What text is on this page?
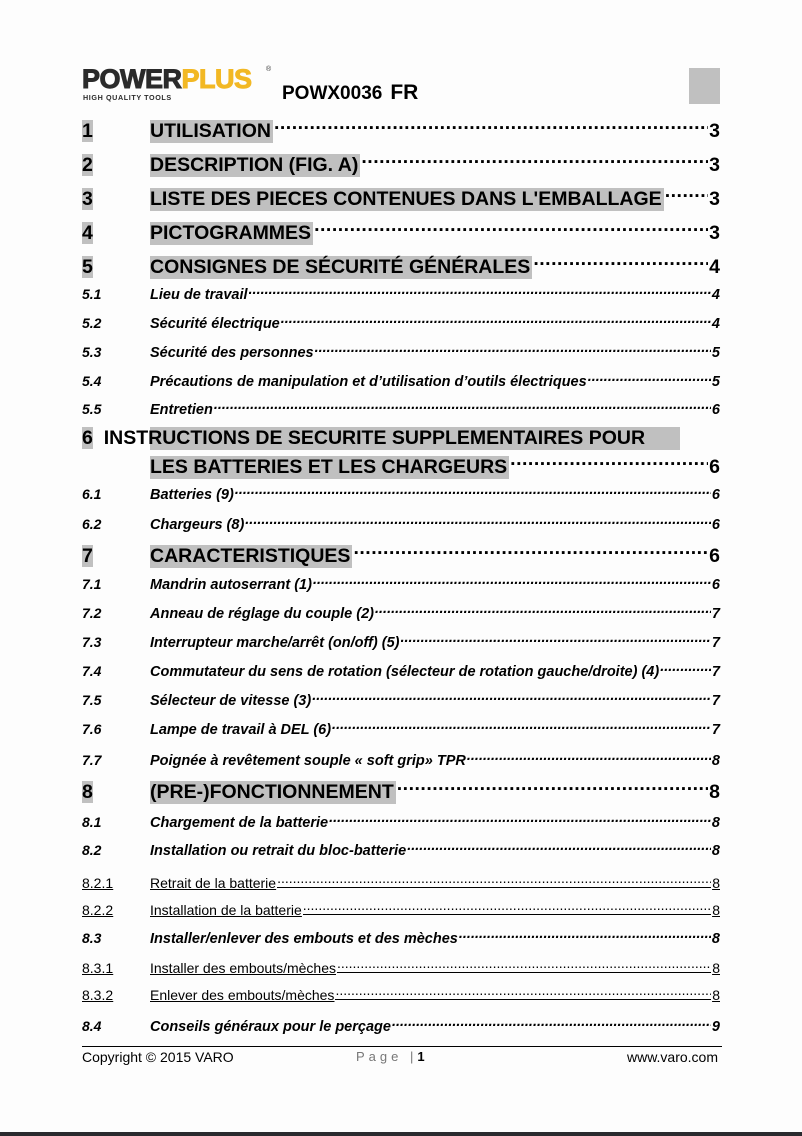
POWERPLUS ®
HIGH QUALITY TOOLS	POWX0036 FR
1	UTILISATION .....	3
2	DESCRIPTION (FIG. A) .....	3
3	LISTE DES PIECES CONTENUES DANS L'EMBALLAGE ..... 3
4	PICTOGRAMMES .....	3
5	CONSIGNES DE SÉCURITÉ GÉNÉRALES .....	4
5.1	Lieu de travail .....	4
5.2	Sécurité électrique .....	4
5.3	Sécurité des personnes .....	5
5.4	Précautions de manipulation et d’utilisation d’outils électriques .....	5
5.5	Entretien .....	6
6 INSTRUCTIONS DE SECURITE SUPPLEMENTAIRES POUR
LES BATTERIES ET LES CHARGEURS .....	6
6.1	Batteries (9) .....	6
6.2	Chargeurs (8) .....	6
7	CARACTERISTIQUES .....	6
7.1	Mandrin autoserrant (1) .....	6
7.2	Anneau de réglage du couple (2) .....	7
7.3	Interrupteur marche/arrêt (on/off) (5) .....	7
7.4	Commutateur du sens de rotation (sélecteur de rotation gauche/droite) (4) .....	7
7.5	Sélecteur de vitesse (3) .....	7
7.6	Lampe de travail à DEL (6) .....	7
7.7	Poignée à revêtement souple « soft grip» TPR .....	8
8	(PRE-)FONCTIONNEMENT .....	8
8.1	Chargement de la batterie .....	8
8.2	Installation ou retrait du bloc-batterie .....	8
8.2.1	Retrait de la batterie .....	8
8.2.2	Installation de la batterie .....	8
8.3	Installer/enlever des embouts et des mèches .....	8
8.3.1	Installer des embouts/mèches .....	8
8.3.2	Enlever des embouts/mèches .....	8
8.4	Conseils généraux pour le perçage .....	9
Copyright © 2015 VARO	Page |1	www.varo.com
